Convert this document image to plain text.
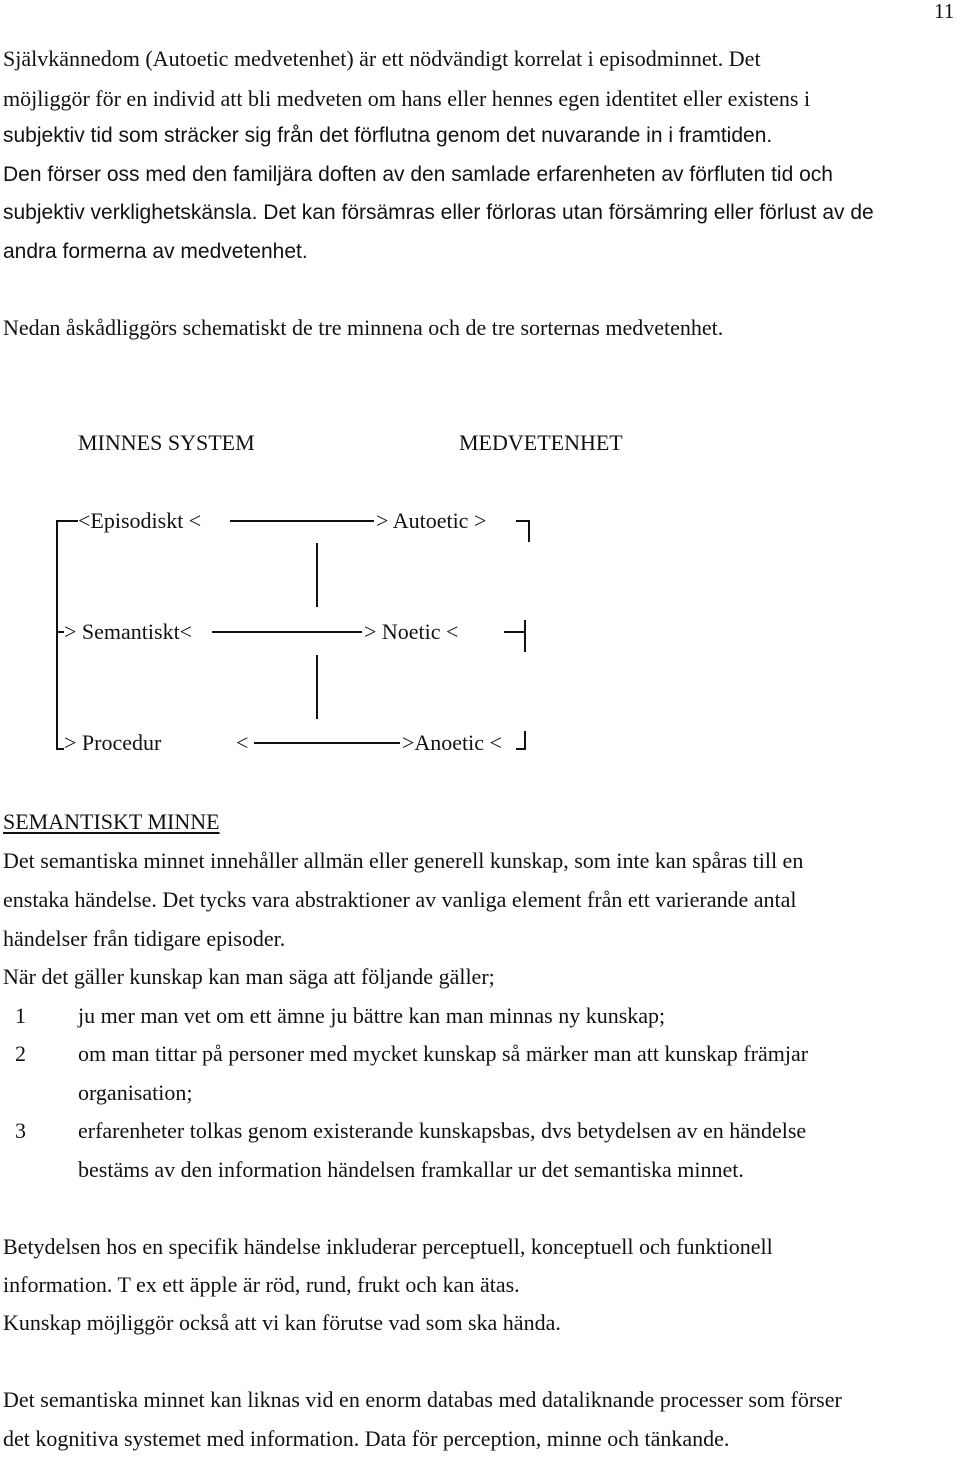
11

Självkännedom (Autoetic medvetenhet) är ett nödvändigt korrelat i episodminnet. Det

möjliggör för en individ att bli medveten om hans eller hennes egen identitet eller existens i

subjektiv tid som sträcker sig från det förflutna genom det nuvarande in i framtiden.

Den förser oss med den familjära doften av den samlade erfarenheten av förfluten tid och

subjektiv verklighetskänsla. Det kan försämras eller förloras utan försämring eller förlust av de

andra formerna av medvetenhet.

Nedan åskådliggörs schematiskt de tre minnena och de tre sorternas medvetenhet.

MINNES SYSTEM	MEDVETENHET
<Episodiskt <	> Autoetic >
> Semantiskt<	> Noetic <
> Procedur	<	>Anoetic <

SEMANTISKT MINNE

Det semantiska minnet innehåller allmän eller generell kunskap, som inte kan spåras till en

enstaka händelse. Det tycks vara abstraktioner av vanliga element från ett varierande antal

händelser från tidigare episoder.

När det gäller kunskap kan man säga att följande gäller;

1 ju mer man vet om ett ämne ju bättre kan man minnas ny kunskap;

2 om man tittar på personer med mycket kunskap så märker man att kunskap främjar

organisation;

3 erfarenheter tolkas genom existerande kunskapsbas, dvs betydelsen av en händelse

bestäms av den information händelsen framkallar ur det semantiska minnet.

Betydelsen hos en specifik händelse inkluderar perceptuell, konceptuell och funktionell

information. T ex ett äpple är röd, rund, frukt och kan ätas.

Kunskap möjliggör också att vi kan förutse vad som ska hända.

Det semantiska minnet kan liknas vid en enorm databas med dataliknande processer som förser

det kognitiva systemet med information. Data för perception, minne och tänkande.
